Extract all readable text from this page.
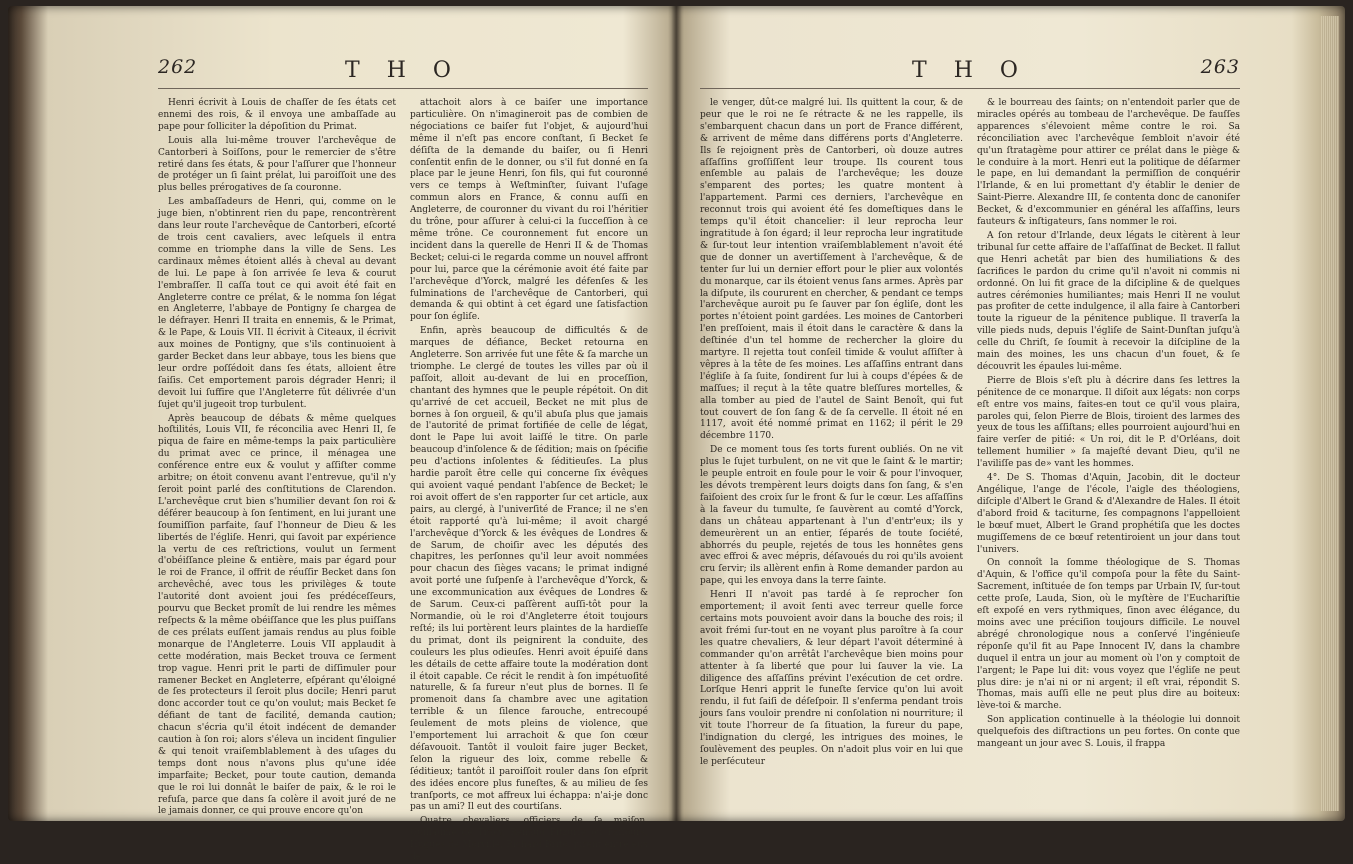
262	T H O

Henri écrivit à Louis de chaſſer de ſes états cet ennemi des rois, & il envoya une ambaſſade au pape pour ſolliciter la dépoſition du Primat.

Louis alla lui-même trouver l'archevêque de Cantorberi à Soiſſons, pour le remercier de s'être retiré dans ſes états, & pour l'aſſurer que l'honneur de protéger un ſi ſaint prélat, lui paroiſſoit une des plus belles prérogatives de ſa couronne.

Les ambaſſadeurs de Henri, qui, comme on le juge bien, n'obtinrent rien du pape, rencontrèrent dans leur route l'archevêque de Cantorberi, eſcorté de trois cent cavaliers, avec leſquels il entra comme en triomphe dans la ville de Sens. Les cardinaux mêmes étoient allés à cheval au devant de lui. Le pape à ſon arrivée ſe leva & courut l'embraſſer. Il caſſa tout ce qui avoit été fait en Angleterre contre ce prélat, & le nomma ſon légat en Angleterre, l'abbaye de Pontigny ſe chargea de le défrayer. Henri II traita en ennemis, & le Primat, & le Pape, & Louis VII. Il écrivit à Citeaux, il écrivit aux moines de Pontigny, que s'ils continuoient à garder Becket dans leur abbaye, tous les biens que leur ordre poſſédoit dans ſes états, alloient être ſaiſis. Cet emportement parois dégrader Henri; il devoit lui ſuffire que l'Angleterre fût délivrée d'un ſujet qu'il jugeoit trop turbulent.

Après beaucoup de débats & même quelques hoſtilités, Louis VII, fe réconcilia avec Henri II, ſe piqua de faire en même-temps la paix particulière du primat avec ce prince, il ménagea une conférence entre eux & voulut y aſſiſter comme arbitre; on étoit convenu avant l'entrevue, qu'il n'y ſeroit point parlé des conſtitutions de Clarendon. L'archevêque crut bien s'humilier devant ſon roi & déférer beaucoup à ſon ſentiment, en lui jurant une ſoumiſſion parfaite, ſauf l'honneur de Dieu & les libertés de l'égliſe. Henri, qui ſavoit par expérience la vertu de ces reſtrictions, voulut un ſerment d'obéiſſance pleine & entière, mais par égard pour le roi de France, il offrit de réuſſir Becket dans ſon archevêché, avec tous les privilèges & toute l'autorité dont avoient joui ſes prédéceſſeurs, pourvu que Becket promît de lui rendre les mêmes reſpects & la même obéiſſance que les plus puiſſans de ces prélats euſſent jamais rendus au plus foible monarque de l'Angleterre. Louis VII applaudit à cette modération, mais Becket trouva ce ſerment trop vague. Henri prit le parti de diſſimuler pour ramener Becket en Angleterre, eſpérant qu'éloigné de ſes protecteurs il ſeroit plus docile; Henri parut donc accorder tout ce qu'on voulut; mais Becket ſe défiant de tant de facilité, demanda caution; chacun s'écria qu'il étoit indécent de demander caution à ſon roi; alors s'éleva un incident ſingulier & qui tenoit vraiſemblablement à des uſages du temps dont nous n'avons plus qu'une idée imparfaite; Becket, pour toute caution, demanda que le roi lui donnât le baiſer de paix, & le roi le refuſa, parce que dans ſa colère il avoit juré de ne le jamais donner, ce qui prouve encore qu'on

attachoit alors à ce baiſer une importance particulière. On n'imagineroit pas de combien de négociations ce baiſer fut l'objet, & aujourd'hui même il n'eſt pas encore conſtant, ſi Becket ſe déſiſta de la demande du baiſer, ou ſi Henri conſentit enfin de le donner, ou s'il fut donné en ſa place par le jeune Henri, ſon fils, qui fut couronné vers ce temps à Weſtminſter, ſuivant l'uſage commun alors en France, & connu auſſi en Angleterre, de couronner du vivant du roi l'héritier du trône, pour aſſurer à celui-ci la ſucceſſion à ce même trône. Ce couronnement fut encore un incident dans la querelle de Henri II & de Thomas Becket; celui-ci le regarda comme un nouvel affront pour lui, parce que la cérémonie avoit été faite par l'archevêque d'Yorck, malgré les défenſes & les fulminations de l'archevêque de Cantorberi, qui demanda & qui obtint à cet égard une ſatisfaction pour ſon égliſe.

Enfin, après beaucoup de difficultés & de marques de défiance, Becket retourna en Angleterre. Son arrivée fut une fête & ſa marche un triomphe. Le clergé de toutes les villes par où il paſſoit, alloit au-devant de lui en proceſſion, chantant des hymnes que le peuple répétoit. On dit qu'arrivé de cet accueil, Becket ne mit plus de bornes à ſon orgueil, & qu'il abuſa plus que jamais de l'autorité de primat fortifiée de celle de légat, dont le Pape lui avoit laiſſé le titre. On parle beaucoup d'inſolence & de ſédition; mais on ſpécifie peu d'actions inſolentes & ſéditieuſes. La plus hardie paroît être celle qui concerne ſix évêques qui avoient vaqué pendant l'abſence de Becket; le roi avoit offert de s'en rapporter ſur cet article, aux pairs, au clergé, à l'univerſité de France; il ne s'en étoit rapporté qu'à lui-même; il avoit chargé l'archevêque d'Yorck & les évêques de Londres & de Sarum, de choiſir avec les députés des chapitres, les perſonnes qu'il leur avoit nommées pour chacun des ſièges vacans; le primat indigné avoit porté une ſuſpenſe à l'archevêque d'Yorck, & une excommunication aux évêques de Londres & de Sarum. Ceux-ci paſſèrent auſſi-tôt pour la Normandie, où le roi d'Angleterre étoit toujours reſté; ils lui portèrent leurs plaintes de la hardieſſe du primat, dont ils peignirent la conduite, des couleurs les plus odieuſes. Henri avoit épuiſé dans les détails de cette affaire toute la modération dont il étoit capable. Ce récit le rendit à ſon impétuoſité naturelle, & ſa fureur n'eut plus de bornes. Il ſe promenoit dans ſa chambre avec une agitation terrible & un ſilence farouche, entrecoupé ſeulement de mots pleins de violence, que l'emportement lui arrachoit & que ſon cœur déſavouoit. Tantôt il vouloit faire juger Becket, ſelon la rigueur des loix, comme rebelle & ſéditieux; tantôt il paroiſſoit rouler dans ſon eſprit des idées encore plus funeſtes, & au milieu de ſes tranſports, ce mot affreux lui échappa: n'ai-je donc pas un ami? Il eut des courtiſans.

Quatre chevaliers, officiers de ſa maiſon, Guillaume de Tracy, Renaud Fitzurſe ou Faſſours, Hugues de Morville, Richard Brito, jurent entre eux de

T H O	263

le venger, dût-ce malgré lui. Ils quittent la cour, & de peur que le roi ne ſe rétracte & ne les rappelle, ils s'embarquent chacun dans un port de France différent, & arrivent de même dans différens ports d'Angleterre. Ils ſe rejoignent près de Cantorberi, où douze autres aſſaſſins groſſiſſent leur troupe. Ils courent tous enſemble au palais de l'archevêque; les douze s'emparent des portes; les quatre montent à l'appartement. Parmi ces derniers, l'archevêque en reconnut trois qui avoient été ſes domeſtiques dans le temps qu'il étoit chancelier: il leur reprocha leur ingratitude à ſon égard; il leur reprocha leur ingratitude & ſur-tout leur intention vraiſemblablement n'avoit été que de donner un avertiſſement à l'archevêque, & de tenter ſur lui un dernier effort pour le plier aux volontés du monarque, car ils étoient venus ſans armes. Après par la diſpute, ils coururent en chercher, & pendant ce temps l'archevêque auroit pu ſe ſauver par ſon égliſe, dont les portes n'étoient point gardées. Les moines de Cantorberi l'en preſſoient, mais il étoit dans le caractère & dans la deſtinée d'un tel homme de rechercher la gloire du martyre. Il rejetta tout conſeil timide & voulut aſſiſter à vêpres à la tête de ſes moines. Les aſſaſſins entrant dans l'égliſe à ſa ſuite, ſondirent ſur lui à coups d'épées & de maſſues; il reçut à la tête quatre bleſſures mortelles, & alla tomber au pied de l'autel de Saint Benoît, qui fut tout couvert de ſon ſang & de ſa cervelle. Il étoit né en 1117, avoit été nommé primat en 1162; il périt le 29 décembre 1170.

De ce moment tous ſes torts furent oubliés. On ne vit plus le ſujet turbulent, on ne vit que le ſaint & le martir; le peuple entroit en foule pour le voir & pour l'invoquer, les dévots trempèrent leurs doigts dans ſon ſang, & s'en faiſoient des croix ſur le front & ſur le cœur. Les aſſaſſins à la faveur du tumulte, ſe ſauvèrent au comté d'Yorck, dans un château appartenant à l'un d'entr'eux; ils y demeurèrent un an entier, ſéparés de toute ſociété, abhorrés du peuple, rejetés de tous les honnêtes gens avec effroi & avec mépris, déſavoués du roi qu'ils avoient cru ſervir; ils allèrent enfin à Rome demander pardon au pape, qui les envoya dans la terre ſainte.

Henri II n'avoit pas tardé à ſe reprocher ſon emportement; il avoit ſenti avec terreur quelle force certains mots pouvoient avoir dans la bouche des rois; il avoit frémi ſur-tout en ne voyant plus paroître à ſa cour les quatre chevaliers, & leur départ l'avoit déterminé à commander qu'on arrêtât l'archevêque bien moins pour attenter à ſa liberté que pour lui ſauver la vie. La diligence des aſſaſſins prévint l'exécution de cet ordre. Lorſque Henri apprit le funeſte ſervice qu'on lui avoit rendu, il fut ſaiſi de déſeſpoir. Il s'enferma pendant trois jours ſans vouloir prendre ni conſolation ni nourriture; il vit toute l'horreur de ſa ſituation, la fureur du pape, l'indignation du clergé, les intrigues des moines, le ſoulèvement des peuples. On n'adoit plus voir en lui que le perſécuteur

& le bourreau des ſaints; on n'entendoit parler que de miracles opérés au tombeau de l'archevêque. De fauſſes apparences s'élevoient même contre le roi. Sa réconciliation avec l'archevêque ſembloit n'avoir été qu'un ſtratagème pour attirer ce prélat dans le piège & le conduire à la mort. Henri eut la politique de déſarmer le pape, en lui demandant la permiſſion de conquérir l'Irlande, & en lui promettant d'y établir le denier de Saint-Pierre. Alexandre III, ſe contenta donc de canoniſer Becket, & d'excommunier en général les aſſaſſins, leurs fauteurs & inſtigateurs, ſans nommer le roi.

A ſon retour d'Irlande, deux légats le citèrent à leur tribunal ſur cette affaire de l'aſſaſſinat de Becket. Il fallut que Henri achetât par bien des humiliations & des ſacrifices le pardon du crime qu'il n'avoit ni commis ni ordonné. On lui fit grace de la diſcipline & de quelques autres cérémonies humiliantes; mais Henri II ne voulut pas profiter de cette indulgence, il alla faire à Cantorberi toute la rigueur de la pénitence publique. Il traverſa la ville pieds nuds, depuis l'égliſe de Saint-Dunſtan juſqu'à celle du Chriſt, ſe ſoumit à recevoir la diſcipline de la main des moines, les uns chacun d'un fouet, & ſe découvrit les épaules lui-même.

Pierre de Blois s'eſt plu à décrire dans ſes lettres la pénitence de ce monarque. Il diſoit aux légats: non corps eſt entre vos mains, faites-en tout ce qu'il vous plaira, paroles qui, ſelon Pierre de Blois, tiroient des larmes des yeux de tous les aſſiſtans; elles pourroient aujourd'hui en faire verſer de pitié: « Un roi, dit le P. d'Orléans, doit tellement humilier » ſa majeſté devant Dieu, qu'il ne l'aviliſſe pas de» vant les hommes.

4°. De S. Thomas d'Aquin, Jacobin, dit le docteur Angélique, l'ange de l'école, l'aigle des théologiens, diſciple d'Albert le Grand & d'Alexandre de Hales. Il étoit d'abord froid & taciturne, ſes compagnons l'appelloient le bœuf muet, Albert le Grand prophétiſa que les doctes mugiſſemens de ce bœuf retentiroient un jour dans tout l'univers.

On connoît la ſomme théologique de S. Thomas d'Aquin, & l'office qu'il compoſa pour la fête du Saint-Sacrement, inſtituée de ſon temps par Urbain IV, ſur-tout cette proſe, Lauda, Sion, où le myſtère de l'Euchariſtie eſt expoſé en vers rythmiques, ſinon avec élégance, du moins avec une préciſion toujours difficile. Le nouvel abrégé chronologique nous a conſervé l'ingénieuſe réponſe qu'il fit au Pape Innocent IV, dans la chambre duquel il entra un jour au moment où l'on y comptoit de l'argent; le Pape lui dit: vous voyez que l'égliſe ne peut plus dire: je n'ai ni or ni argent; il eſt vrai, répondit S. Thomas, mais auſſi elle ne peut plus dire au boiteux: lève-toi & marche.

Son application continuelle à la théologie lui donnoit quelquefois des diſtractions un peu fortes. On conte que mangeant un jour avec S. Louis, il frappa
